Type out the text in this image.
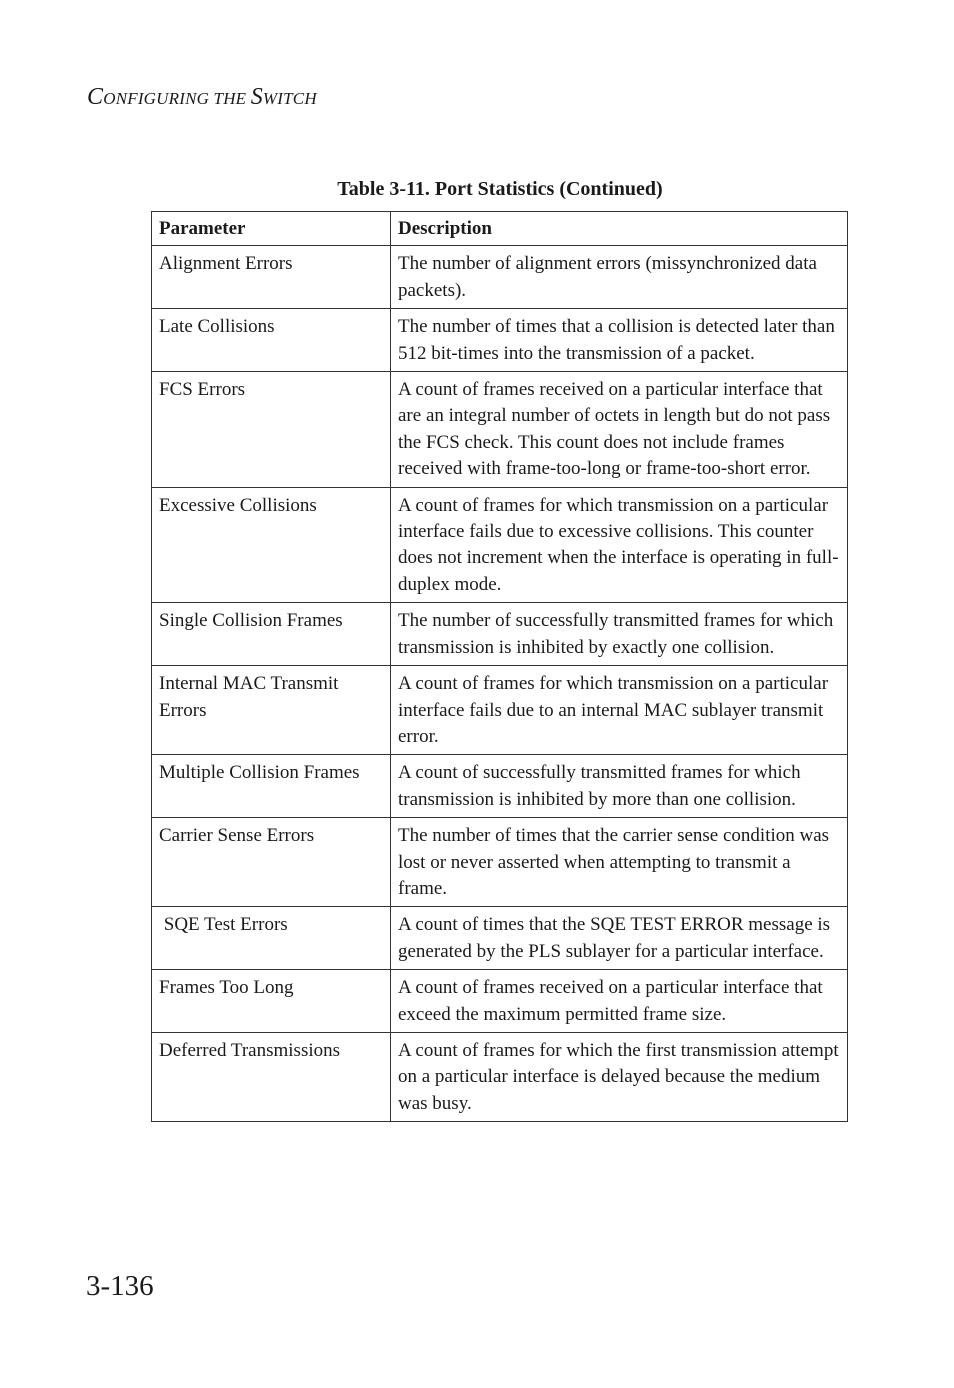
CONFIGURING THE SWITCH
Table 3-11. Port Statistics (Continued)
Parameter	Description
Alignment Errors	The number of alignment errors (missynchronized data packets).
Late Collisions	The number of times that a collision is detected later than 512 bit-times into the transmission of a packet.
FCS Errors	A count of frames received on a particular interface that are an integral number of octets in length but do not pass the FCS check. This count does not include frames received with frame-too-long or frame-too-short error.
Excessive Collisions	A count of frames for which transmission on a particular interface fails due to excessive collisions. This counter does not increment when the interface is operating in full-duplex mode.
Single Collision Frames	The number of successfully transmitted frames for which transmission is inhibited by exactly one collision.
Internal MAC Transmit Errors	A count of frames for which transmission on a particular interface fails due to an internal MAC sublayer transmit error.
Multiple Collision Frames	A count of successfully transmitted frames for which transmission is inhibited by more than one collision.
Carrier Sense Errors	The number of times that the carrier sense condition was lost or never asserted when attempting to transmit a frame.
SQE Test Errors	A count of times that the SQE TEST ERROR message is generated by the PLS sublayer for a particular interface.
Frames Too Long	A count of frames received on a particular interface that exceed the maximum permitted frame size.
Deferred Transmissions	A count of frames for which the first transmission attempt on a particular interface is delayed because the medium was busy.
3-136
